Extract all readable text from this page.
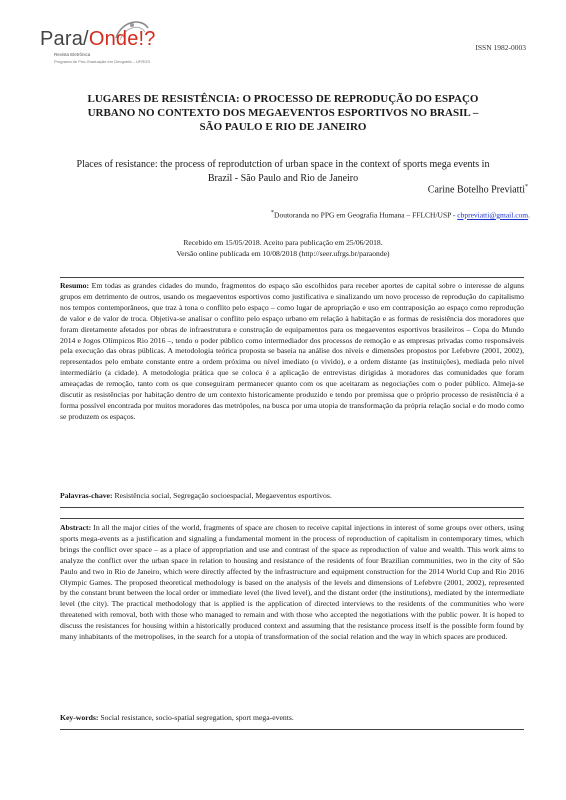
Para/Onde!?
Revista Eletrônica
Programa de Pós-Graduação em Geografia – UFRGS
ISSN 1982-0003
LUGARES DE RESISTÊNCIA: O PROCESSO DE REPRODUÇÃO DO ESPAÇO
URBANO NO CONTEXTO DOS MEGAEVENTOS ESPORTIVOS NO BRASIL –
SÃO PAULO E RIO DE JANEIRO
Places of resistance: the process of reprodutction of urban space in the context of sports mega events in
Brazil - São Paulo and Rio de Janeiro
Carine Botelho Previatti*
*Doutoranda no PPG em Geografia Humana – FFLCH/USP - cbpreviatti@gmail.com.
Recebido em 15/05/2018. Aceito para publicação em 25/06/2018.
Versão online publicada em 10/08/2018 (http://seer.ufrgs.br/paraonde)
Resumo: Em todas as grandes cidades do mundo, fragmentos do espaço são escolhidos para receber aportes de capital sobre o interesse de alguns grupos em detrimento de outros, usando os megaeventos esportivos como justificativa e sinalizando um novo processo de reprodução do capitalismo nos tempos contemporâneos, que traz à tona o conflito pelo espaço – como lugar de apropriação e uso em contraposição ao espaço como reprodução de valor e de valor de troca. Objetiva-se analisar o conflito pelo espaço urbano em relação à habitação e as formas de resistência dos moradores que foram diretamente afetados por obras de infraestrutura e construção de equipamentos para os megaeventos esportivos brasileiros – Copa do Mundo 2014 e Jogos Olímpicos Rio 2016 –, tendo o poder público como intermediador dos processos de remoção e as empresas privadas como responsáveis pela execução das obras públicas. A metodologia teórica proposta se baseia na análise dos níveis e dimensões propostos por Lefebvre (2001, 2002), representados pelo embate constante entre a ordem próxima ou nível imediato (o vivido), e a ordem distante (as instituições), mediada pelo nível intermediário (a cidade). A metodologia prática que se coloca é a aplicação de entrevistas dirigidas à moradores das comunidades que foram ameaçadas de remoção, tanto com os que conseguiram permanecer quanto com os que aceitaram as negociações com o poder público. Almeja-se discutir as resistências por habitação dentro de um contexto historicamente produzido e tendo por premissa que o próprio processo de resistência é a forma possível encontrada por muitos moradores das metrópoles, na busca por uma utopia de transformação da própria relação social e do modo como se produzem os espaços.
Palavras-chave: Resistência social, Segregação socioespacial, Megaeventos esportivos.
Abstract: In all the major cities of the world, fragments of space are chosen to receive capital injections in interest of some groups over others, using sports mega-events as a justification and signaling a fundamental moment in the process of reproduction of capitalism in contemporary times, which brings the conflict over space – as a place of appropriation and use and contrast of the space as reproduction of value and wealth. This work aims to analyze the conflict over the urban space in relation to housing and resistance of the residents of four Brazilian communities, two in the city of São Paulo and two in Rio de Janeiro, which were directly affected by the infrastructure and equipment construction for the 2014 World Cup and Rio 2016 Olympic Games. The proposed theoretical methodology is based on the analysis of the levels and dimensions of Lefebvre (2001, 2002), represented by the constant brunt between the local order or immediate level (the lived level), and the distant order (the institutions), mediated by the intermediate level (the city). The practical methodology that is applied is the application of directed interviews to the residents of the communities who were threatened with removal, both with those who managed to remain and with those who accepted the negotiations with the public power. It is hoped to discuss the resistances for housing within a historically produced context and assuming that the resistance process itself is the possible form found by many inhabitants of the metropolises, in the search for a utopia of transformation of the social relation and the way in which spaces are produced.
Key-words: Social resistance, socio-spatial segregation, sport mega-events.
